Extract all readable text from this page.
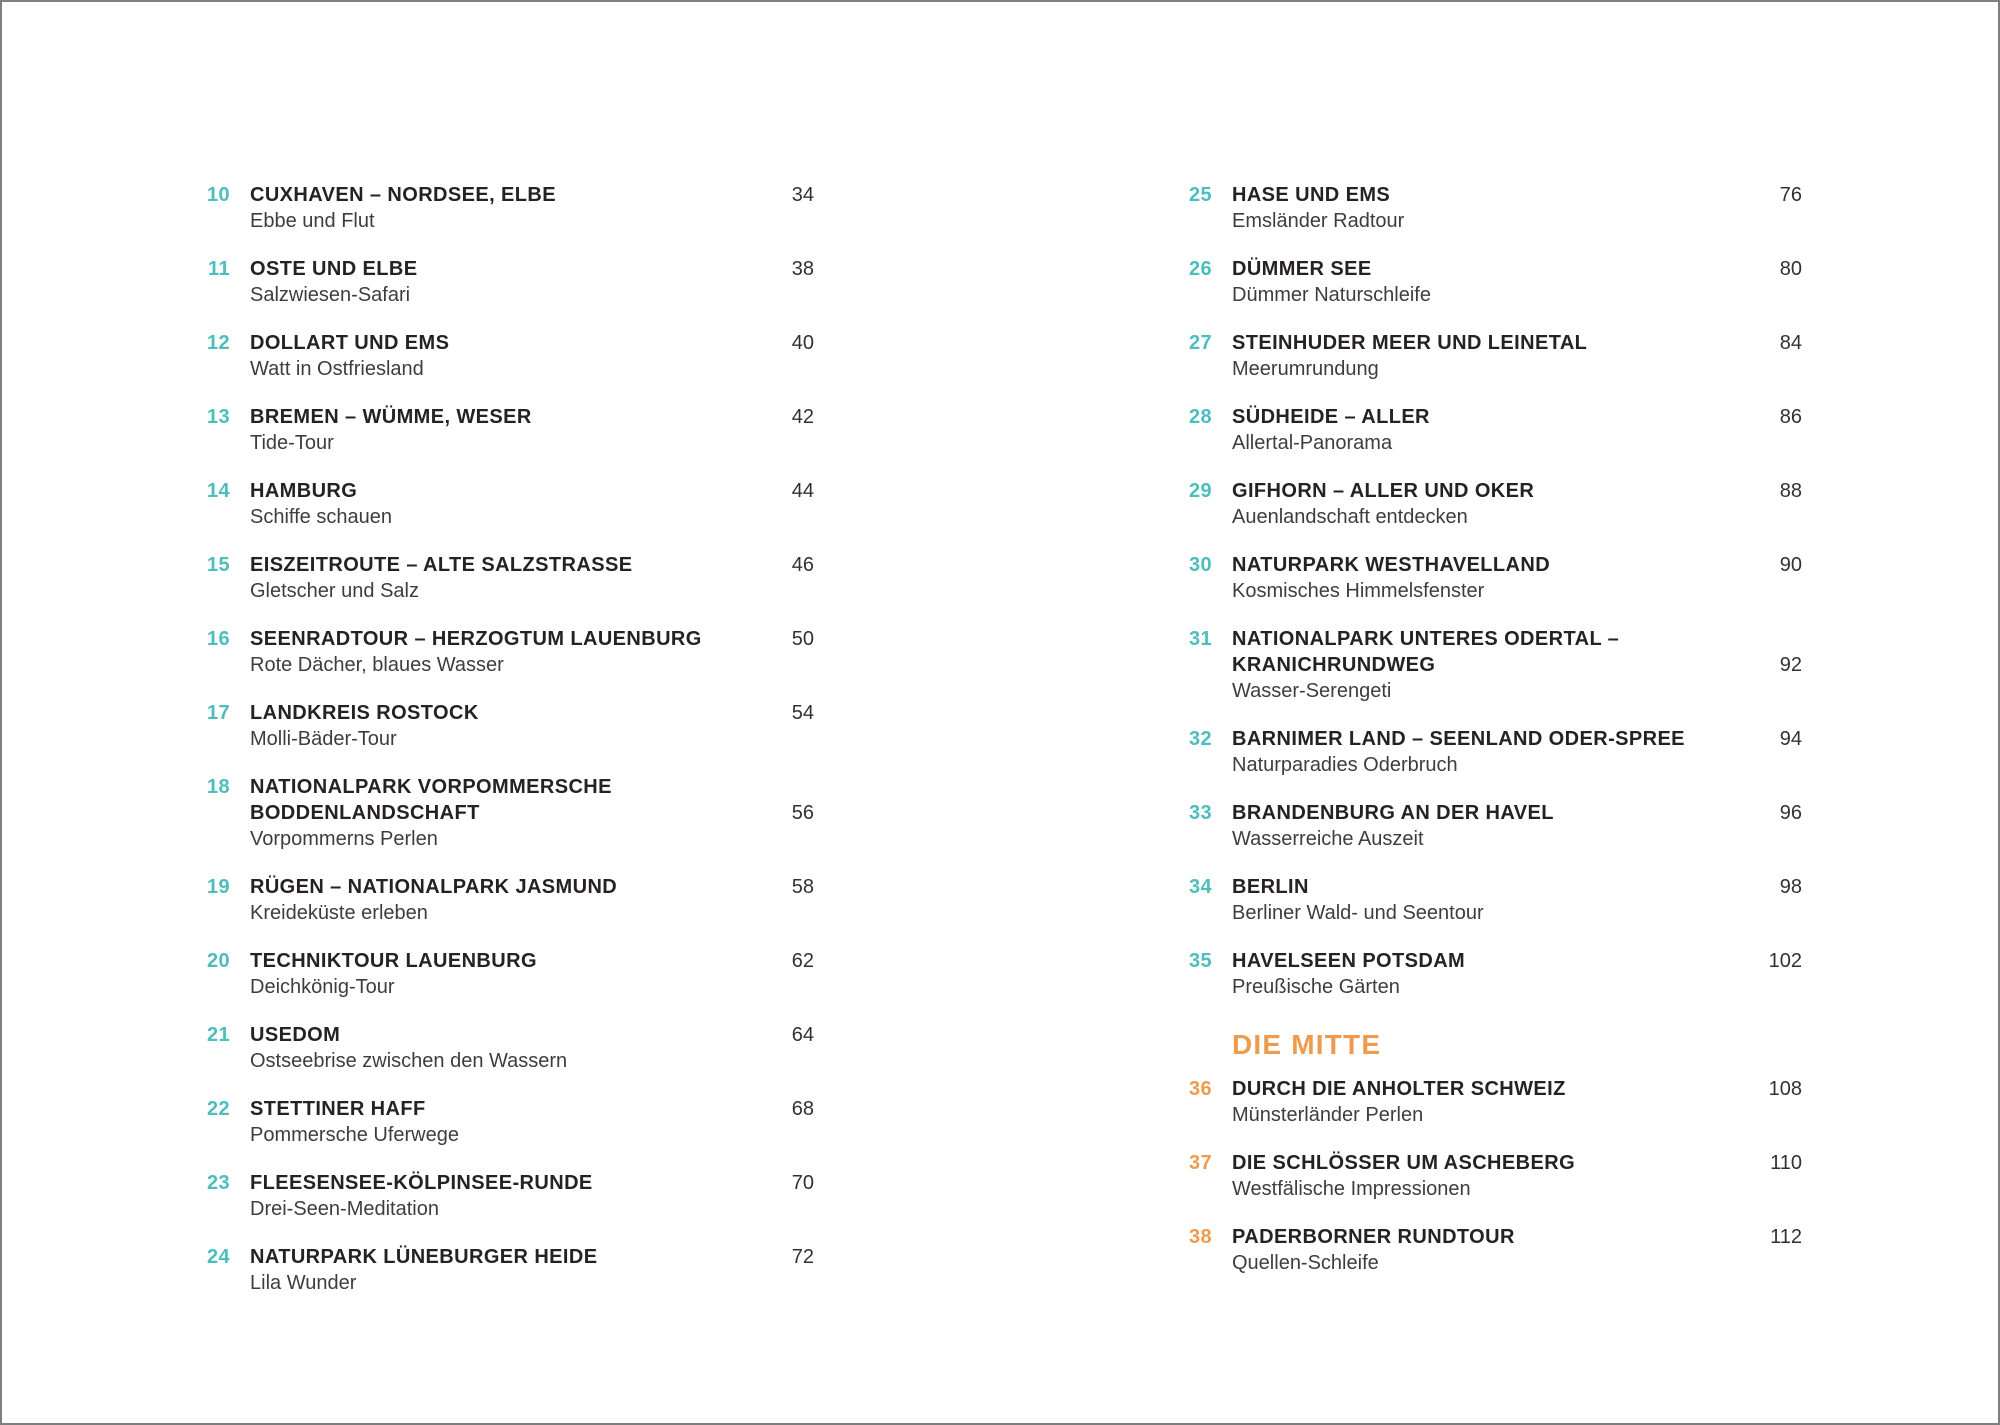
10 CUXHAVEN – NORDSEE, ELBE	34
Ebbe und Flut
11 OSTE UND ELBE	38
Salzwiesen-Safari
12 DOLLART UND EMS	40
Watt in Ostfriesland
13 BREMEN – WÜMME, WESER	42
Tide-Tour
14 HAMBURG	44
Schiffe schauen
15 EISZEITROUTE – ALTE SALZSTRASSE	46
Gletscher und Salz
16 SEENRADTOUR – HERZOGTUM LAUENBURG	50
Rote Dächer, blaues Wasser
17 LANDKREIS ROSTOCK	54
Molli-Bäder-Tour
18 NATIONALPARK VORPOMMERSCHE
BODDENLANDSCHAFT	56
Vorpommerns Perlen
19 RÜGEN – NATIONALPARK JASMUND	58
Kreideküste erleben
20 TECHNIKTOUR LAUENBURG	62
Deichkönig-Tour
21 USEDOM	64
Ostseebrise zwischen den Wassern
22 STETTINER HAFF	68
Pommersche Uferwege
23 FLEESENSEE-KÖLPINSEE-RUNDE	70
Drei-Seen-Meditation
24 NATURPARK LÜNEBURGER HEIDE	72
Lila Wunder
25 HASE UND EMS	76
Emsländer Radtour
26 DÜMMER SEE	80
Dümmer Naturschleife
27 STEINHUDER MEER UND LEINETAL	84
Meerumrundung
28 SÜDHEIDE – ALLER	86
Allertal-Panorama
29 GIFHORN – ALLER UND OKER	88
Auenlandschaft entdecken
30 NATURPARK WESTHAVELLAND	90
Kosmisches Himmelsfenster
31 NATIONALPARK UNTERES ODERTAL –
KRANICHRUNDWEG	92
Wasser-Serengeti
32 BARNIMER LAND – SEENLAND ODER-SPREE	94
Naturparadies Oderbruch
33 BRANDENBURG AN DER HAVEL	96
Wasserreiche Auszeit
34 BERLIN	98
Berliner Wald- und Seentour
35 HAVELSEEN POTSDAM	102
Preußische Gärten
DIE MITTE
36 DURCH DIE ANHOLTER SCHWEIZ	108
Münsterländer Perlen
37 DIE SCHLÖSSER UM ASCHEBERG	110
Westfälische Impressionen
38 PADERBORNER RUNDTOUR	112
Quellen-Schleife
